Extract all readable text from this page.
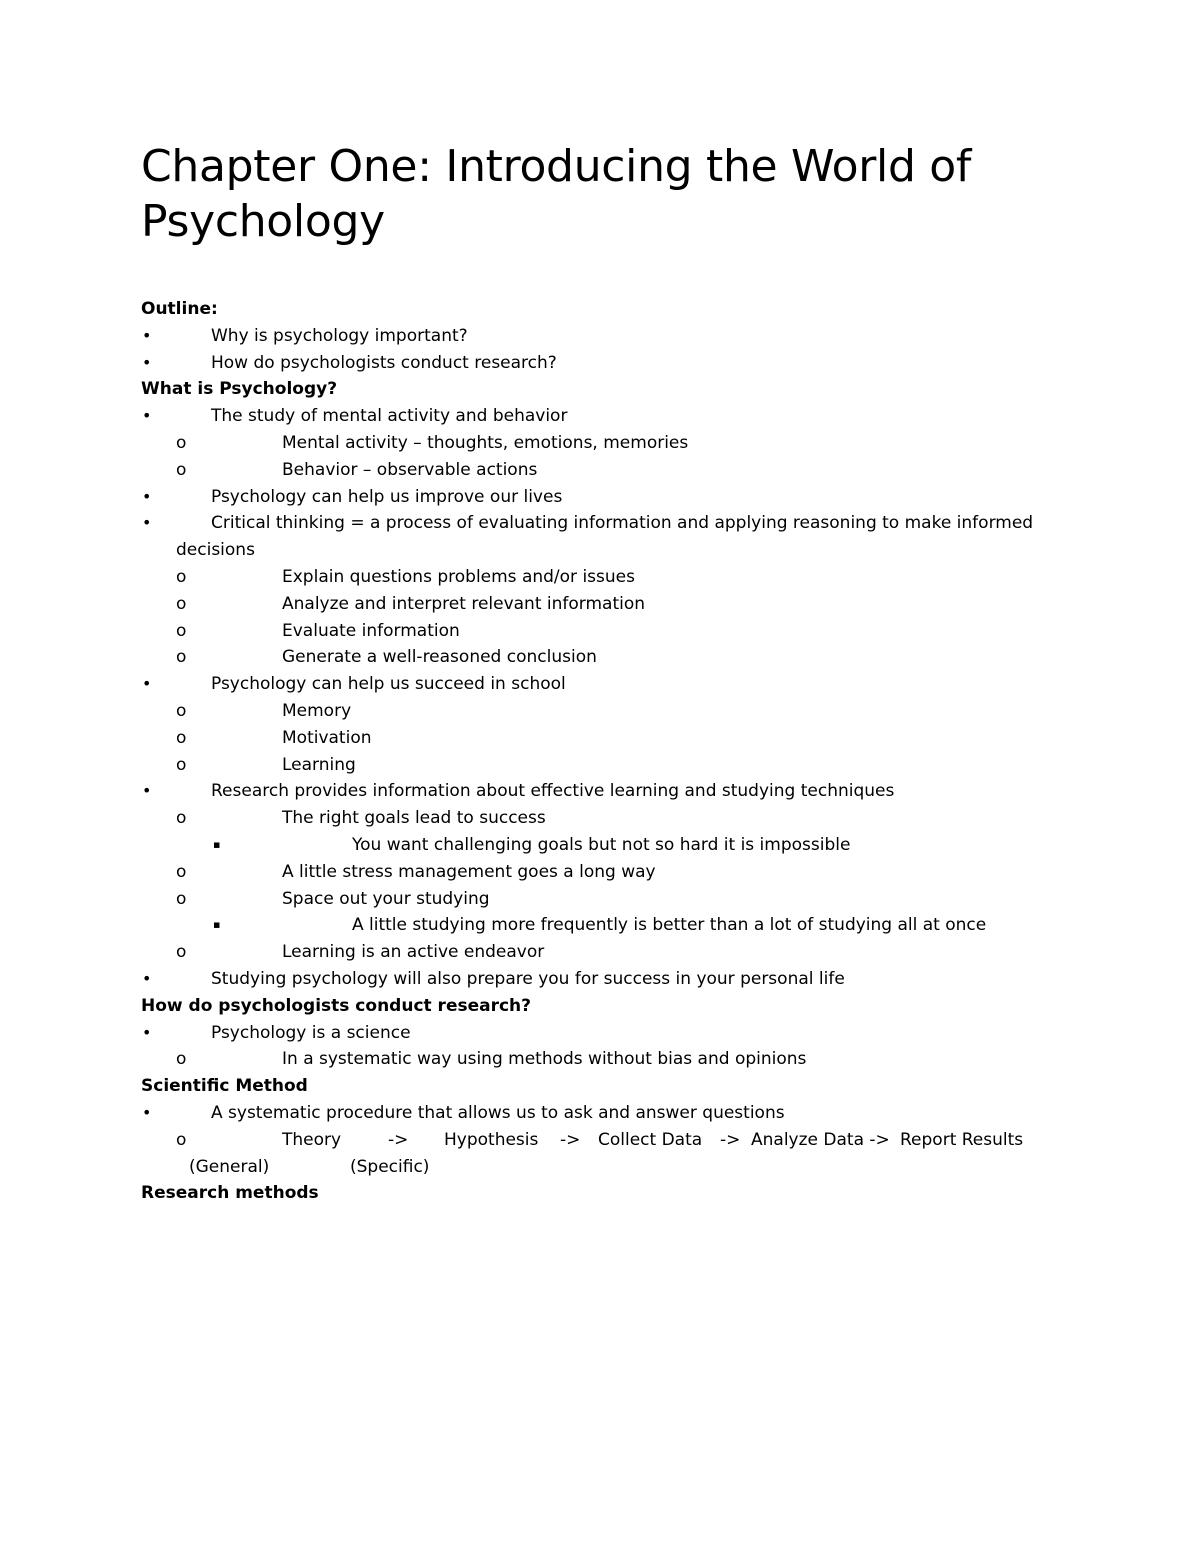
Chapter One: Introducing the World of
Psychology
Outline:
•	Why is psychology important?
•	How do psychologists conduct research?
What is Psychology?
•	The study of mental activity and behavior
o	Mental activity – thoughts, emotions, memories
o	Behavior – observable actions
•	Psychology can help us improve our lives
•	Critical thinking = a process of evaluating information and applying reasoning to make informed
decisions
o	Explain questions problems and/or issues
o	Analyze and interpret relevant information
o	Evaluate information
o	Generate a well-reasoned conclusion
•	Psychology can help us succeed in school
o	Memory
o	Motivation
o	Learning
•	Research provides information about effective learning and studying techniques
o	The right goals lead to success
▪	You want challenging goals but not so hard it is impossible
o	A little stress management goes a long way
o	Space out your studying
▪	A little studying more frequently is better than a lot of studying all at once
o	Learning is an active endeavor
•	Studying psychology will also prepare you for success in your personal life
How do psychologists conduct research?
•	Psychology is a science
o	In a systematic way using methods without bias and opinions
Scientific Method
•	A systematic procedure that allows us to ask and answer questions
o	Theory	-> Hypothesis -> Collect Data -> Analyze Data -> Report Results
(General)	(Specific)
Research methods
